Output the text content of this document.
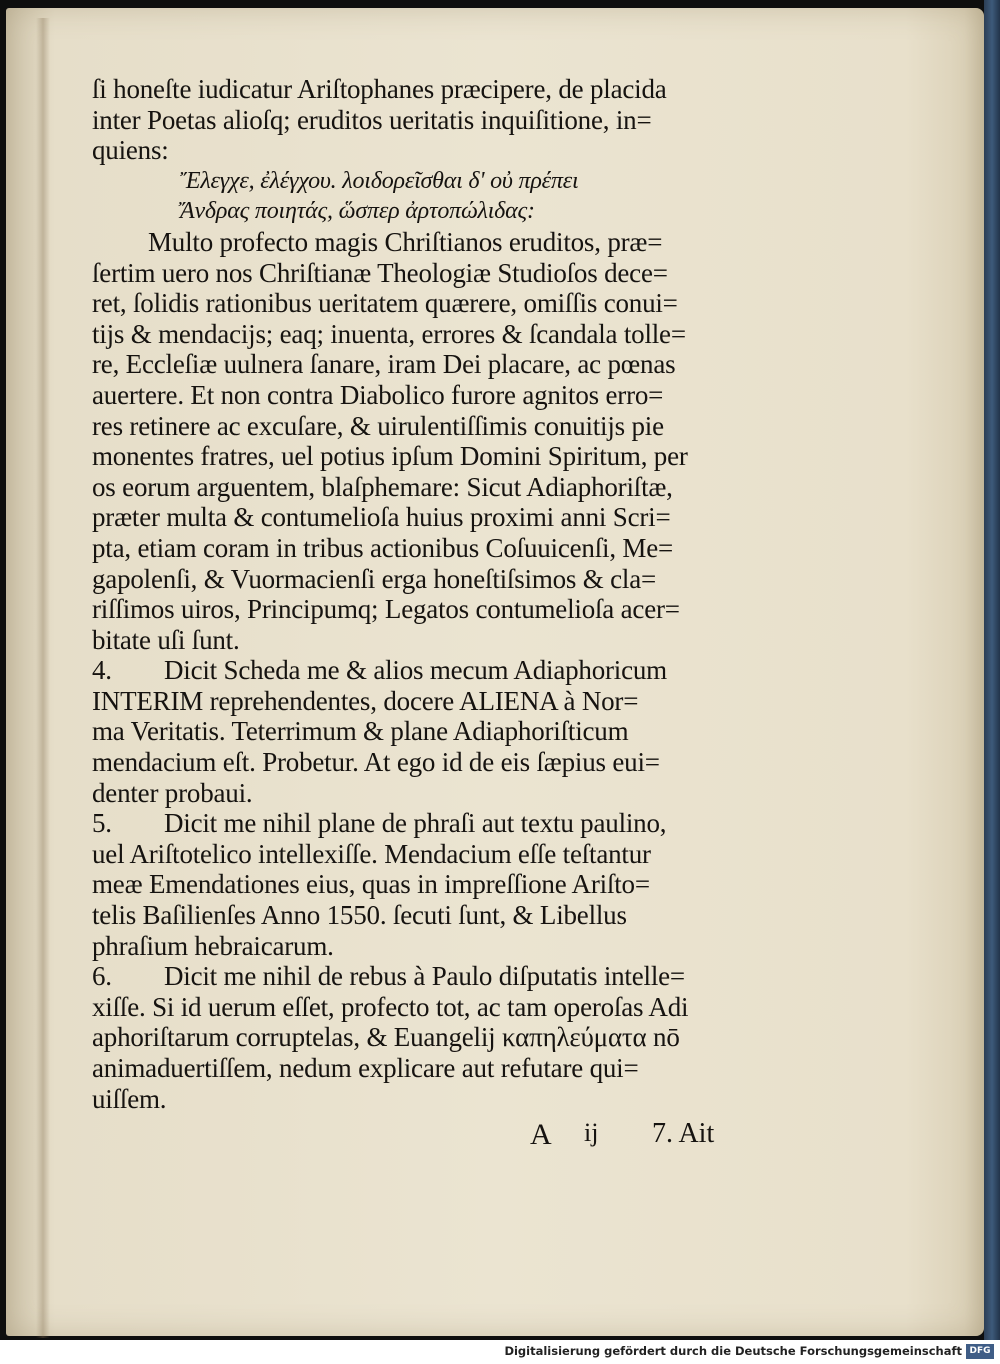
ſi honeſte iudicatur Ariſtophanes præcipere, de placida
inter Poetas alioſq; eruditos ueritatis inquiſitione, in=
quiens:
Ἔλεγχε, ἐλέγχου. λοιδορεῖσθαι δ' οὐ πρέπει
Ἄνδρας ποιητάς, ὥσπερ ἀρτοπώλιδας:
Multo profecto magis Chriſtianos eruditos, præ=
ſertim uero nos Chriſtianæ Theologiæ Studioſos dece=
ret, ſolidis rationibus ueritatem quærere, omiſſis conui=
tijs & mendacijs; eaq; inuenta, errores & ſcandala tolle=
re, Eccleſiæ uulnera ſanare, iram Dei placare, ac pœnas
auertere. Et non contra Diabolico furore agnitos erro=
res retinere ac excuſare, & uirulentiſſimis conuitijs pie
monentes fratres, uel potius ipſum Domini Spiritum, per
os eorum arguentem, blaſphemare: Sicut Adiaphoriſtæ,
præter multa & contumelioſa huius proximi anni Scri=
pta, etiam coram in tribus actionibus Coſuuicenſi, Me=
gapolenſi, & Vuormacienſi erga honeſtiſsimos & cla=
riſſimos uiros, Principumq; Legatos contumelioſa acer=
bitate uſi ſunt.
4.	Dicit Scheda me & alios mecum Adiaphoricum
INTERIM reprehendentes, docere ALIENA à Nor=
ma Veritatis. Teterrimum & plane Adiaphoriſticum
mendacium eſt. Probetur. At ego id de eis ſæpius eui=
denter probaui.
5.	Dicit me nihil plane de phraſi aut textu paulino,
uel Ariſtotelico intellexiſſe. Mendacium eſſe teſtantur
meæ Emendationes eius, quas in impreſſione Ariſto=
telis Baſilienſes Anno 1550. ſecuti ſunt, & Libellus
phraſium hebraicarum.
6.	Dicit me nihil de rebus à Paulo diſputatis intelle=
xiſſe. Si id uerum eſſet, profecto tot, ac tam operoſas Adi
aphoriſtarum corruptelas, & Euangelij καπηλεύματα nō
animaduertiſſem, nedum explicare aut refutare qui=
uiſſem.
A ij 7. Ait
Digitalisierung gefördert durch die Deutsche Forschungsgemeinschaft DFG
